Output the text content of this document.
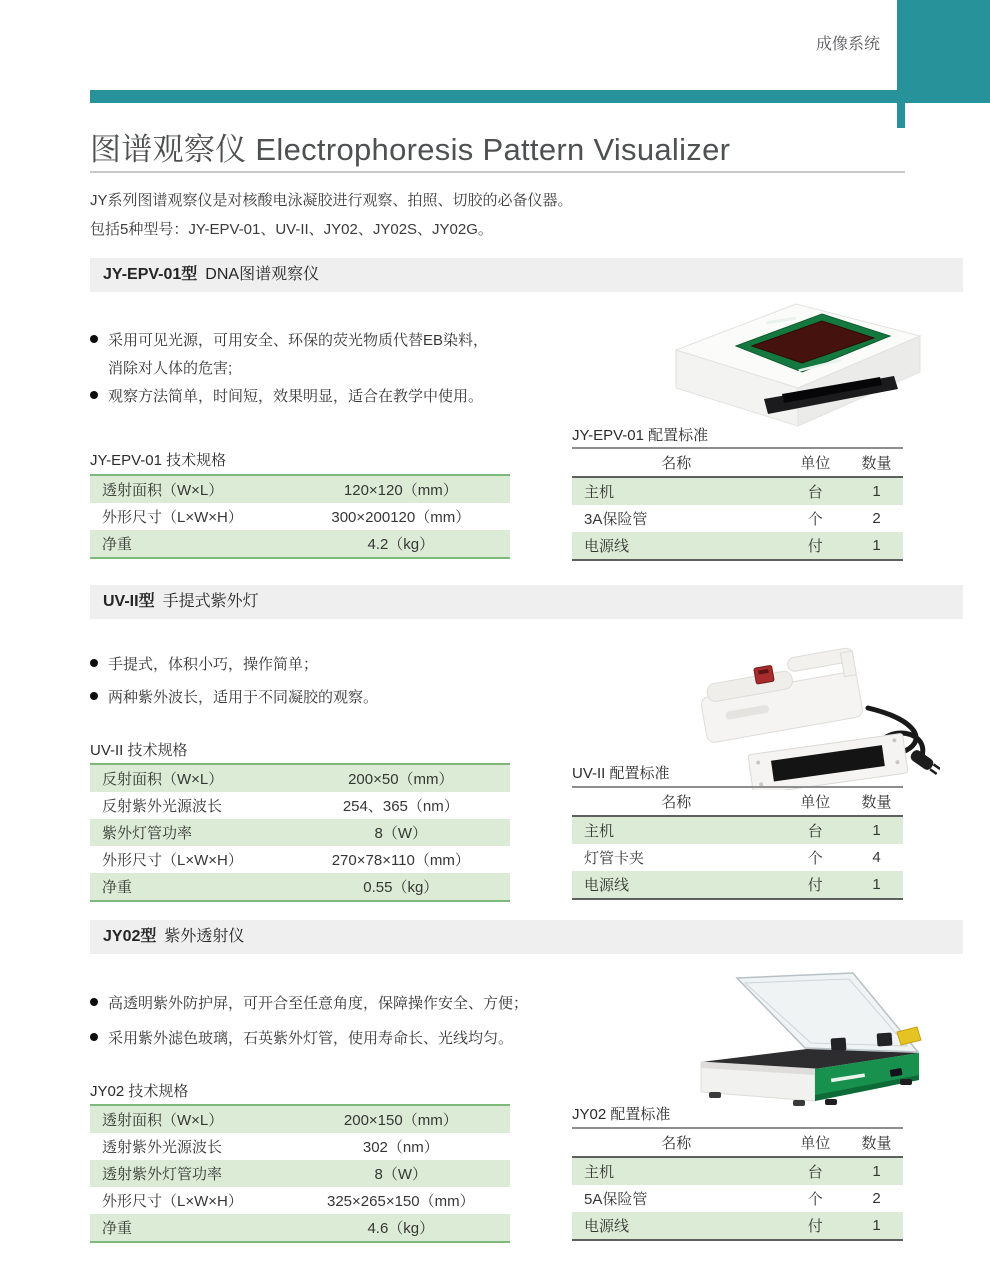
成像系统
图谱观察仪 Electrophoresis Pattern Visualizer
JY系列图谱观察仪是对核酸电泳凝胶进行观察、拍照、切胶的必备仪器。
包括5种型号：JY-EPV-01、UV-II、JY02、JY02S、JY02G。
JY-EPV-01型 DNA图谱观察仪
采用可见光源，可用安全、环保的荧光物质代替EB染料，
消除对人体的危害;
观察方法简单，时间短，效果明显，适合在教学中使用。
JY-EPV-01 配置标准
名称	单位	数量
主机	台	1
3A保险管	个	2
电源线	付	1
JY-EPV-01 技术规格
透射面积（W×L）	120×120（mm）
外形尺寸（L×W×H）	300×200120（mm）
净重	4.2（kg）
UV-II型 手提式紫外灯
手提式，体积小巧，操作简单；
两种紫外波长，适用于不同凝胶的观察。
UV-II 配置标准
名称	单位	数量
主机	台	1
灯管卡夹	个	4
电源线	付	1
UV-II 技术规格
反射面积（W×L）	200×50（mm）
反射紫外光源波长	254、365（nm）
紫外灯管功率	8（W）
外形尺寸（L×W×H）	270×78×110（mm）
净重	0.55（kg）
JY02型 紫外透射仪
高透明紫外防护屏，可开合至任意角度，保障操作安全、方便；
采用紫外滤色玻璃，石英紫外灯管，使用寿命长、光线均匀。
JY02 配置标准
名称	单位	数量
主机	台	1
5A保险管	个	2
电源线	付	1
JY02 技术规格
透射面积（W×L）	200×150（mm）
透射紫外光源波长	302（nm）
透射紫外灯管功率	8（W）
外形尺寸（L×W×H）	325×265×150（mm）
净重	4.6（kg）
